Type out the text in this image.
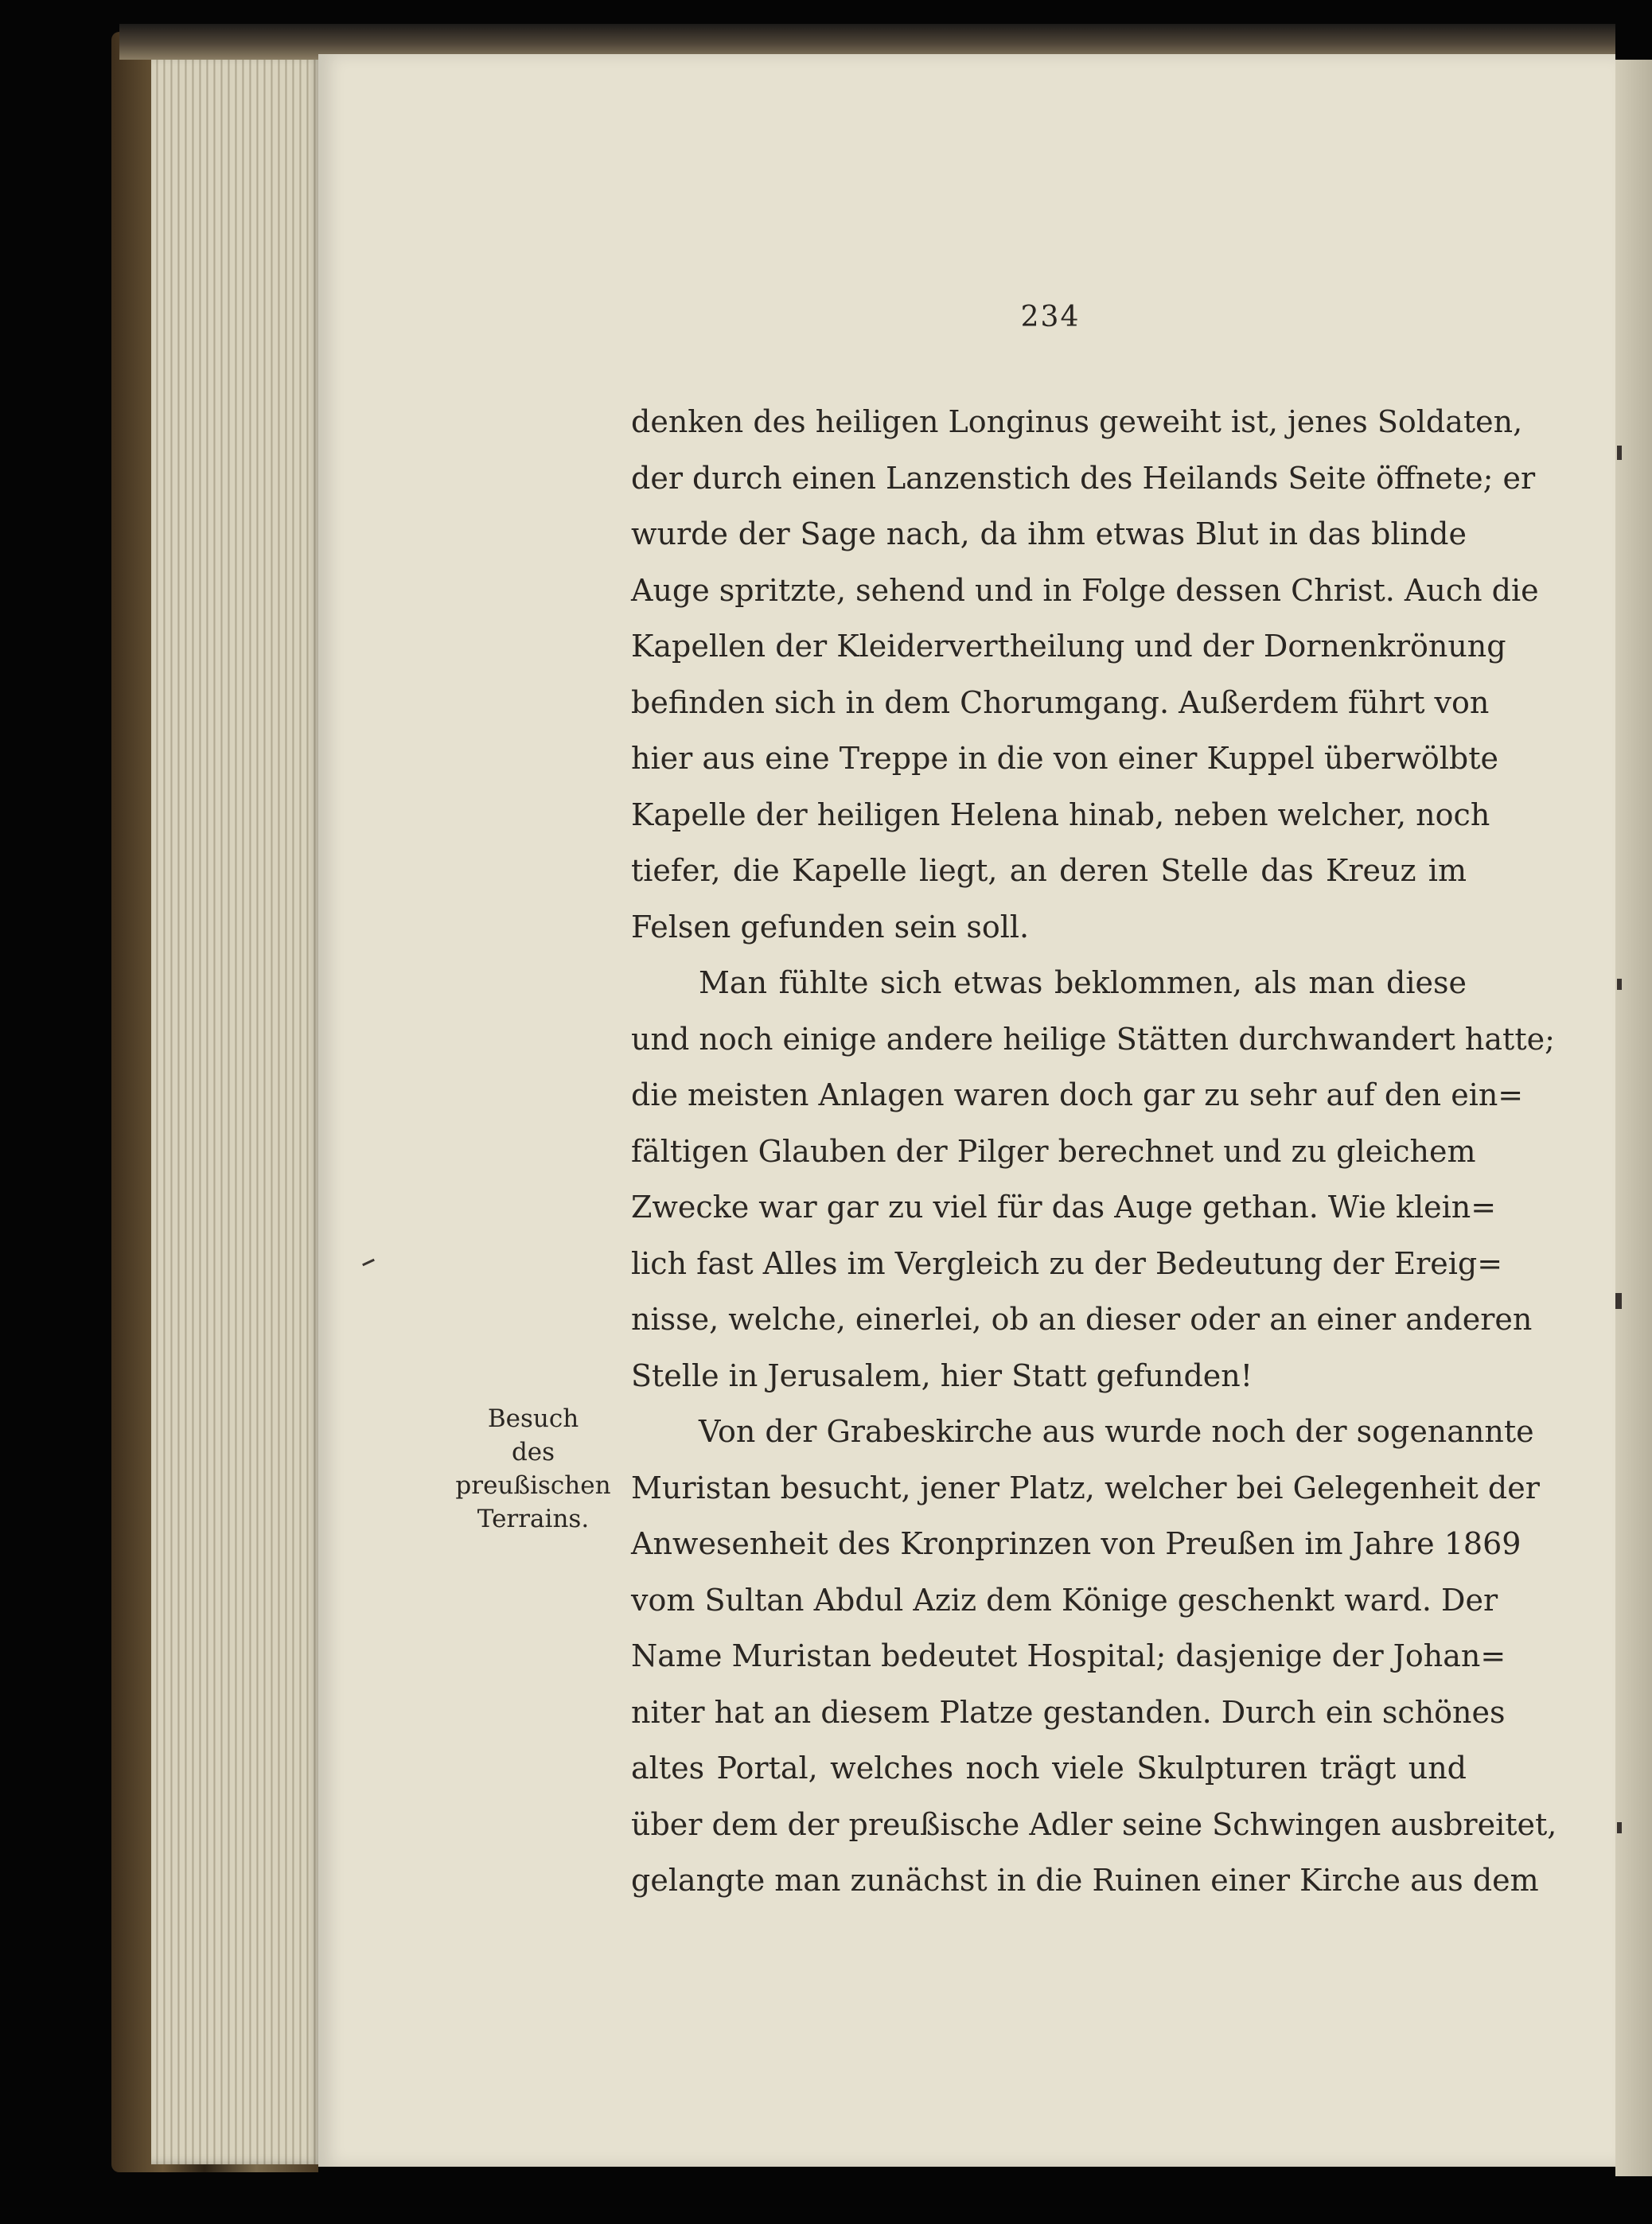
234
Besuch
des preußischen
Terrains.
denken des heiligen Longinus geweiht ist, jenes Soldaten,
der durch einen Lanzenstich des Heilands Seite öffnete; er
wurde der Sage nach, da ihm etwas Blut in das blinde
Auge spritzte, sehend und in Folge dessen Christ. Auch die
Kapellen der Kleidervertheilung und der Dornenkrönung
befinden sich in dem Chorumgang. Außerdem führt von
hier aus eine Treppe in die von einer Kuppel überwölbte
Kapelle der heiligen Helena hinab, neben welcher, noch
tiefer, die Kapelle liegt, an deren Stelle das Kreuz im
Felsen gefunden sein soll.
Man fühlte sich etwas beklommen, als man diese
und noch einige andere heilige Stätten durchwandert hatte;
die meisten Anlagen waren doch gar zu sehr auf den ein=
fältigen Glauben der Pilger berechnet und zu gleichem
Zwecke war gar zu viel für das Auge gethan. Wie klein=
lich fast Alles im Vergleich zu der Bedeutung der Ereig=
nisse, welche, einerlei, ob an dieser oder an einer anderen
Stelle in Jerusalem, hier Statt gefunden!
Von der Grabeskirche aus wurde noch der sogenannte
Muristan besucht, jener Platz, welcher bei Gelegenheit der
Anwesenheit des Kronprinzen von Preußen im Jahre 1869
vom Sultan Abdul Aziz dem Könige geschenkt ward. Der
Name Muristan bedeutet Hospital; dasjenige der Johan=
niter hat an diesem Platze gestanden. Durch ein schönes
altes Portal, welches noch viele Skulpturen trägt und
über dem der preußische Adler seine Schwingen ausbreitet,
gelangte man zunächst in die Ruinen einer Kirche aus dem
